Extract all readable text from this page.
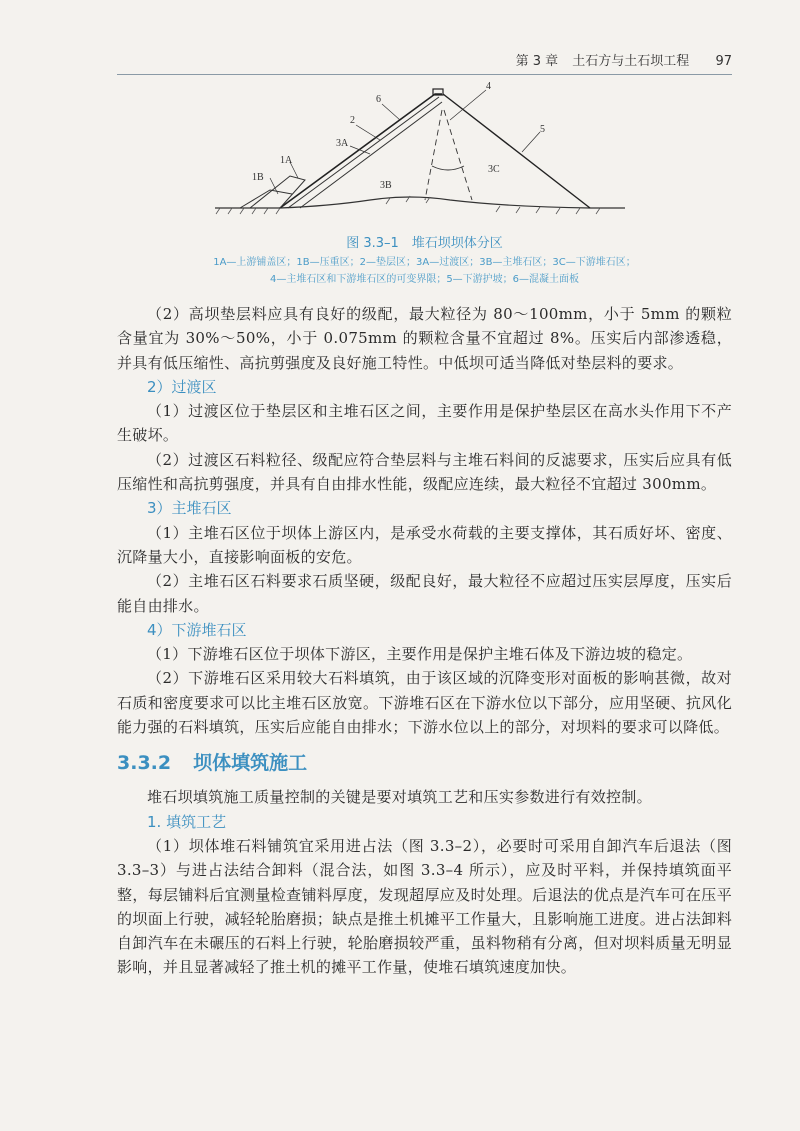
第 3 章 土石方与土石坝工程 97
6
2
3A
1A
1B
3B
3C
4
5
图 3.3–1　堆石坝坝体分区
1A—上游铺盖区；1B—压重区；2—垫层区；3A—过渡区；3B—主堆石区；3C—下游堆石区；
4—主堆石区和下游堆石区的可变界限；5—下游护坡；6—混凝土面板

（2）高坝垫层料应具有良好的级配，最大粒径为 80～100mm，小于 5mm 的颗粒含量宜为 30%～50%，小于 0.075mm 的颗粒含量不宜超过 8%。压实后内部渗透稳，并具有低压缩性、高抗剪强度及良好施工特性。中低坝可适当降低对垫层料的要求。

2）过渡区

（1）过渡区位于垫层区和主堆石区之间，主要作用是保护垫层区在高水头作用下不产生破坏。

（2）过渡区石料粒径、级配应符合垫层料与主堆石料间的反滤要求，压实后应具有低压缩性和高抗剪强度，并具有自由排水性能，级配应连续，最大粒径不宜超过 300mm。

3）主堆石区

（1）主堆石区位于坝体上游区内，是承受水荷载的主要支撑体，其石质好坏、密度、沉降量大小，直接影响面板的安危。

（2）主堆石区石料要求石质坚硬，级配良好，最大粒径不应超过压实层厚度，压实后能自由排水。

4）下游堆石区

（1）下游堆石区位于坝体下游区，主要作用是保护主堆石体及下游边坡的稳定。

（2）下游堆石区采用较大石料填筑，由于该区域的沉降变形对面板的影响甚微，故对石质和密度要求可以比主堆石区放宽。下游堆石区在下游水位以下部分，应用坚硬、抗风化能力强的石料填筑，压实后应能自由排水；下游水位以上的部分，对坝料的要求可以降低。

3.3.2 坝体填筑施工

堆石坝填筑施工质量控制的关键是要对填筑工艺和压实参数进行有效控制。

1. 填筑工艺

（1）坝体堆石料铺筑宜采用进占法（图 3.3–2），必要时可采用自卸汽车后退法（图 3.3–3）与进占法结合卸料（混合法，如图 3.3–4 所示），应及时平料，并保持填筑面平整，每层铺料后宜测量检查铺料厚度，发现超厚应及时处理。后退法的优点是汽车可在压平的坝面上行驶，减轻轮胎磨损；缺点是推土机摊平工作量大，且影响施工进度。进占法卸料自卸汽车在未碾压的石料上行驶，轮胎磨损较严重，虽料物稍有分离，但对坝料质量无明显影响，并且显著减轻了推土机的摊平工作量，使堆石填筑速度加快。
